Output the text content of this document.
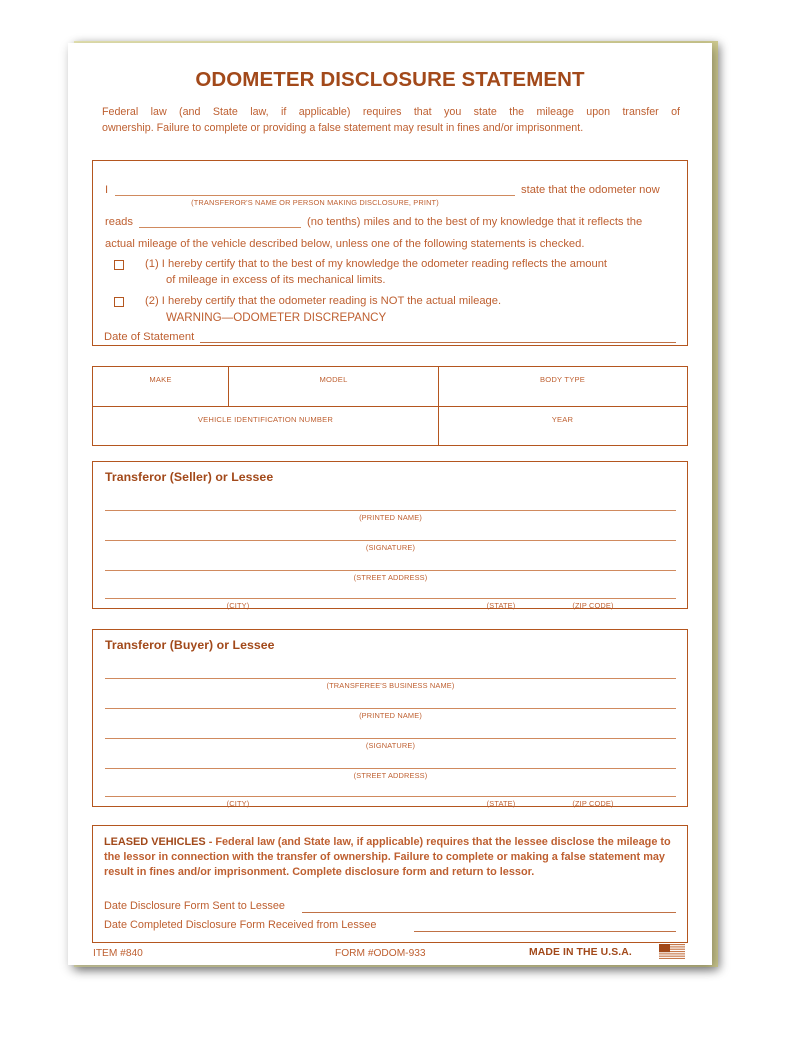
ODOMETER DISCLOSURE STATEMENT
Federal law (and State law, if applicable) requires that you state the mileage upon transfer of
ownership. Failure to complete or providing a false statement may result in fines and/or imprisonment.
I
(TRANSFEROR'S NAME OR PERSON MAKING DISCLOSURE, PRINT)
state that the odometer now
reads	(no tenths) miles and to the best of my knowledge that it reflects the
actual mileage of the vehicle described below, unless one of the following statements is checked.
(1) I hereby certify that to the best of my knowledge the odometer reading reflects the amount
of mileage in excess of its mechanical limits.
(2) I hereby certify that the odometer reading is NOT the actual mileage.
WARNING—ODOMETER DISCREPANCY
Date of Statement
MAKE	MODEL	BODY TYPE
VEHICLE IDENTIFICATION NUMBER	YEAR
Transferor (Seller) or Lessee
(PRINTED NAME)
(SIGNATURE)
(STREET ADDRESS)
(CITY)	(STATE)	(ZIP CODE)
Transferor (Buyer) or Lessee
(TRANSFEREE'S BUSINESS NAME)
(PRINTED NAME)
(SIGNATURE)
(STREET ADDRESS)
(CITY)	(STATE)	(ZIP CODE)
LEASED VEHICLES - Federal law (and State law, if applicable) requires that the lessee disclose the mileage to the lessor in connection with the transfer of ownership. Failure to complete or making a false statement may result in fines and/or imprisonment. Complete disclosure form and return to lessor.
Date Disclosure Form Sent to Lessee
Date Completed Disclosure Form Received from Lessee
ITEM #840	FORM #ODOM-933	MADE IN THE U.S.A.
